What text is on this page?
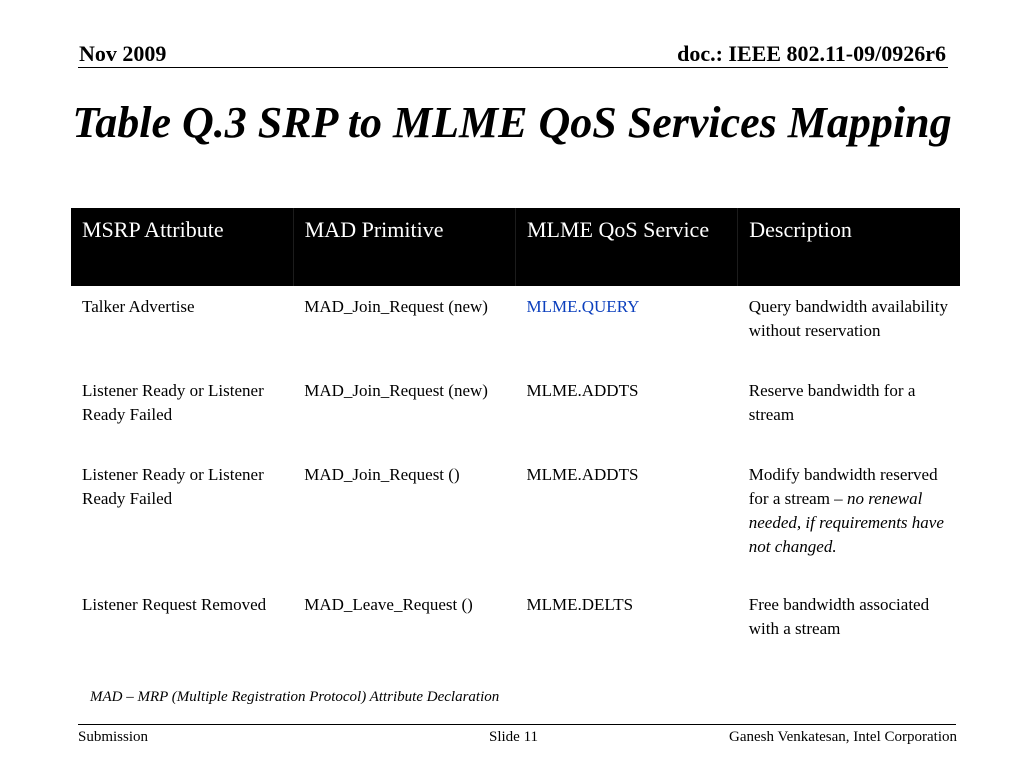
Nov 2009	doc.: IEEE 802.11-09/0926r6
Table Q.3 SRP to MLME QoS Services Mapping
MSRP Attribute	MAD Primitive	MLME QoS Service	Description
Talker Advertise	MAD_Join_Request (new)	MLME.QUERY	Query bandwidth availability without reservation
Listener Ready or Listener Ready Failed	MAD_Join_Request (new)	MLME.ADDTS	Reserve bandwidth for a stream
Listener Ready or Listener Ready Failed	MAD_Join_Request ()	MLME.ADDTS	Modify bandwidth reserved for a stream – no renewal needed, if requirements have not changed.
Listener Request Removed	MAD_Leave_Request ()	MLME.DELTS	Free bandwidth associated with a stream
MAD – MRP (Multiple Registration Protocol) Attribute Declaration
Submission	Slide 11	Ganesh Venkatesan, Intel Corporation
